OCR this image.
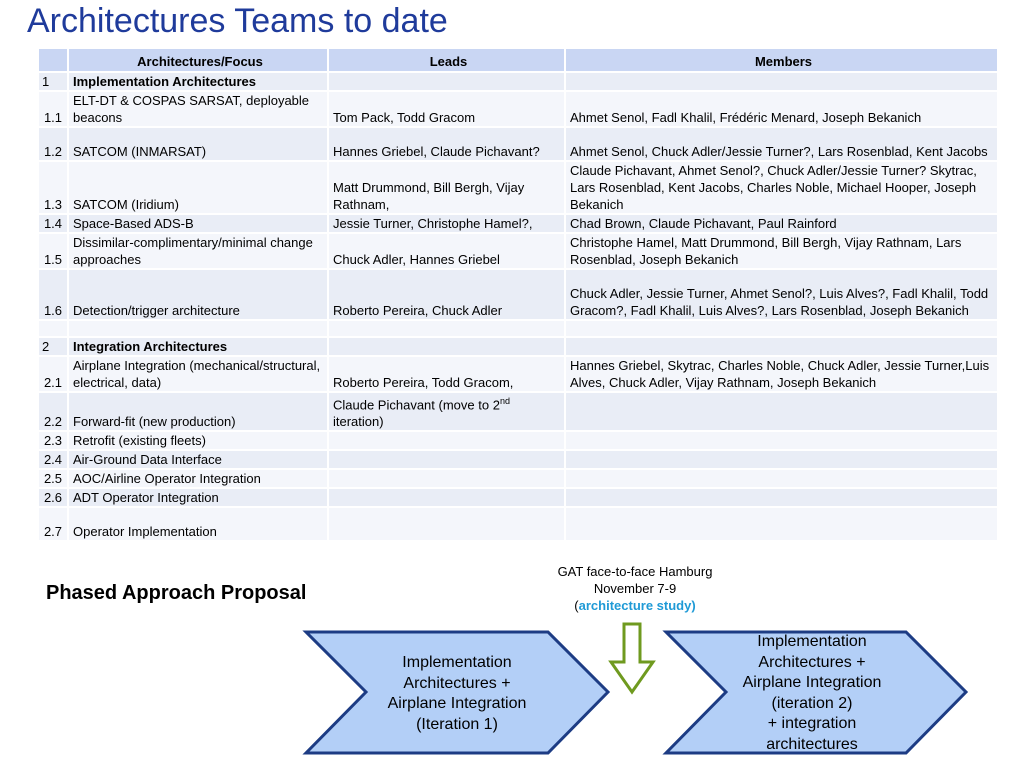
Architectures Teams to date
	Architectures/Focus	Leads	Members
1	Implementation Architectures		
1.1	ELT-DT & COSPAS SARSAT, deployable beacons	Tom Pack, Todd Gracom	Ahmet Senol, Fadl Khalil, Frédéric Menard, Joseph Bekanich
1.2	SATCOM (INMARSAT)	Hannes Griebel, Claude Pichavant?	Ahmet Senol, Chuck Adler/Jessie Turner?, Lars Rosenblad, Kent Jacobs
1.3	SATCOM (Iridium)	Matt Drummond, Bill Bergh, Vijay Rathnam,	Claude Pichavant, Ahmet Senol?, Chuck Adler/Jessie Turner? Skytrac, Lars Rosenblad, Kent Jacobs, Charles Noble, Michael Hooper, Joseph Bekanich
1.4	Space-Based ADS-B	Jessie Turner, Christophe Hamel?,	Chad Brown, Claude Pichavant, Paul Rainford
1.5	Dissimilar-complimentary/minimal change approaches	Chuck Adler, Hannes Griebel	Christophe Hamel, Matt Drummond, Bill Bergh, Vijay Rathnam, Lars Rosenblad, Joseph Bekanich
1.6	Detection/trigger architecture	Roberto Pereira, Chuck Adler	Chuck Adler, Jessie Turner, Ahmet Senol?, Luis Alves?, Fadl Khalil, Todd Gracom?, Fadl Khalil, Luis Alves?, Lars Rosenblad, Joseph Bekanich

2	Integration Architectures		
2.1	Airplane Integration (mechanical/structural, electrical, data)	Roberto Pereira, Todd Gracom,	Hannes Griebel, Skytrac, Charles Noble, Chuck Adler, Jessie Turner,Luis Alves, Chuck Adler, Vijay Rathnam, Joseph Bekanich
2.2	Forward-fit (new production)	Claude Pichavant (move to 2nd iteration)	
2.3	Retrofit (existing fleets)		
2.4	Air-Ground Data Interface		
2.5	AOC/Airline Operator Integration		
2.6	ADT Operator Integration		
2.7	Operator Implementation		
Phased Approach Proposal
GAT face-to-face Hamburg
November 7-9
(architecture study)
Implementation
Architectures +
Airplane Integration
(Iteration 1)
Implementation
Architectures +
Airplane Integration
(iteration 2)
+ integration
architectures
